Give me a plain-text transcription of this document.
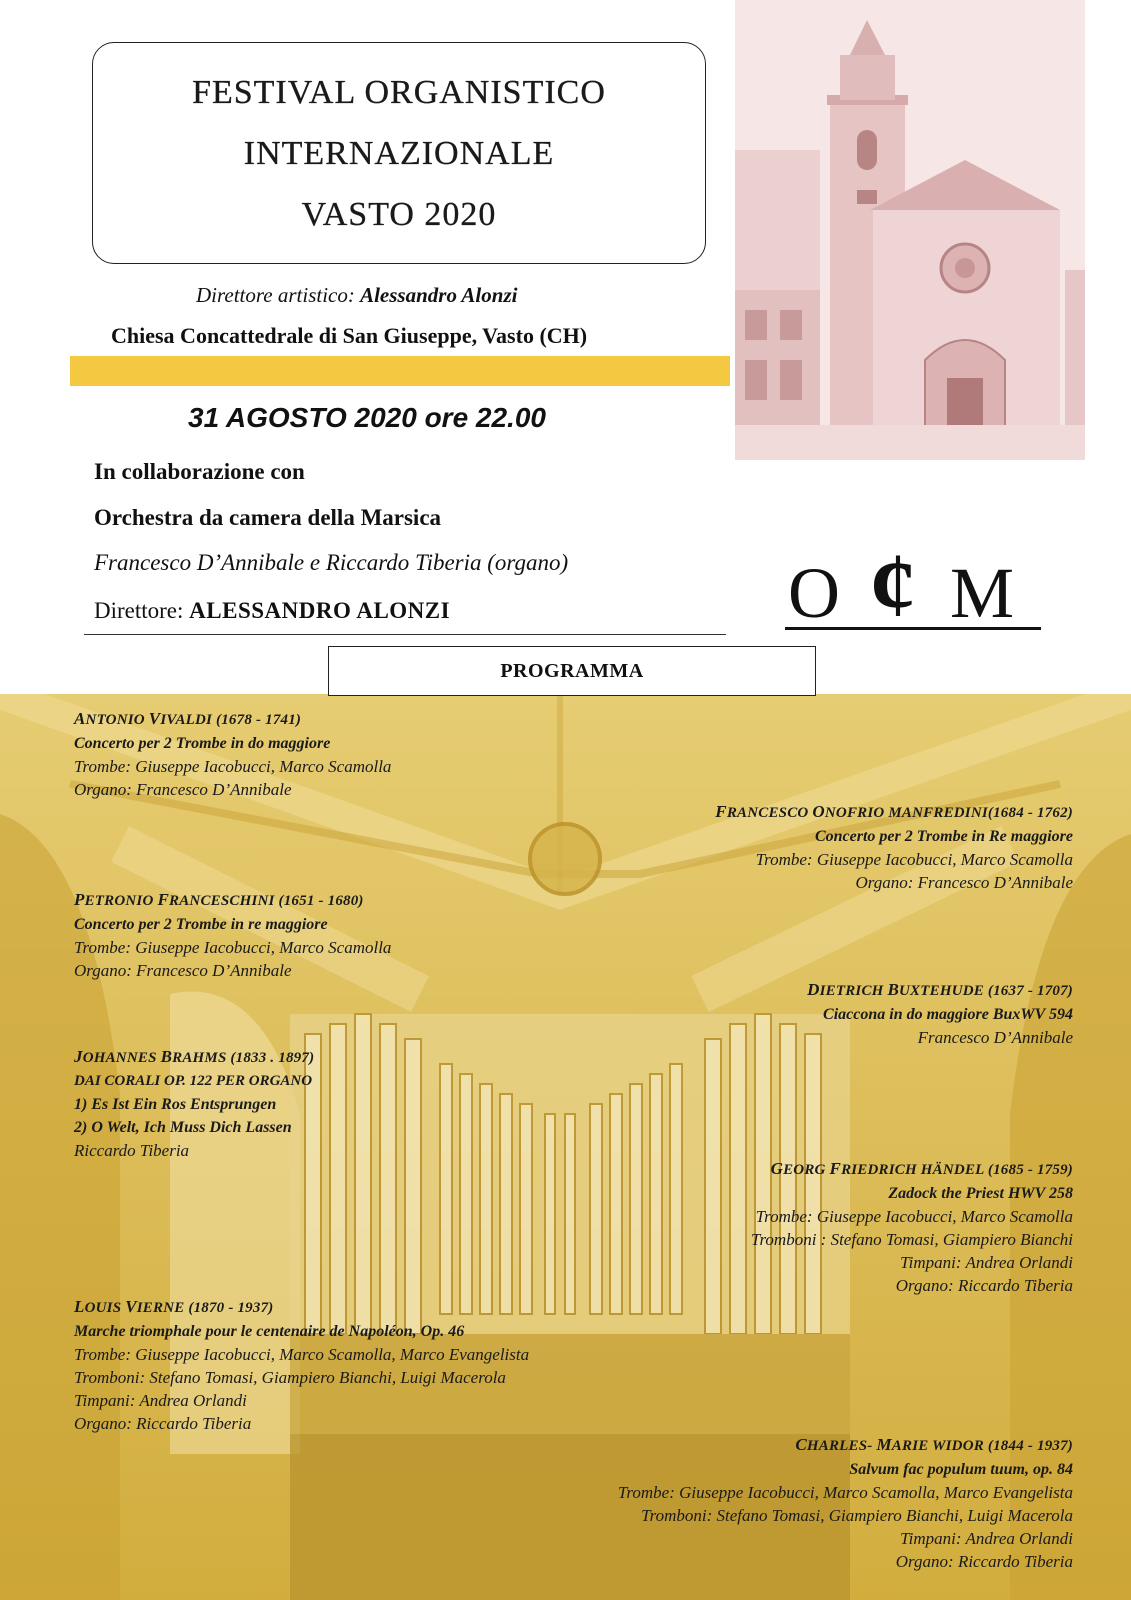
FESTIVAL ORGANISTICO
INTERNAZIONALE
VASTO 2020
Direttore artistico: Alessandro Alonzi
Chiesa Concattedrale di San Giuseppe, Vasto (CH)
31 AGOSTO 2020 ore 22.00
In collaborazione con
Orchestra da camera della Marsica
Francesco D’Annibale e Riccardo Tiberia (organo)
Direttore: ALESSANDRO ALONZI	O ¢ M
PROGRAMMA
ANTONIO VIVALDI (1678 - 1741)
Concerto per 2 Trombe in do maggiore
Trombe: Giuseppe Iacobucci, Marco Scamolla
Organo: Francesco D’Annibale
FRANCESCO ONOFRIO MANFREDINI(1684 - 1762)
Concerto per 2 Trombe in Re maggiore
Trombe: Giuseppe Iacobucci, Marco Scamolla
Organo: Francesco D’Annibale
PETRONIO FRANCESCHINI (1651 - 1680)
Concerto per 2 Trombe in re maggiore
Trombe: Giuseppe Iacobucci, Marco Scamolla
Organo: Francesco D’Annibale
DIETRICH BUXTEHUDE (1637 - 1707)
Ciaccona in do maggiore BuxWV 594
Francesco D’Annibale
JOHANNES BRAHMS (1833 . 1897)
DAI CORALI OP. 122 PER ORGANO
1) Es Ist Ein Ros Entsprungen
2) O Welt, Ich Muss Dich Lassen
Riccardo Tiberia
GEORG FRIEDRICH HÄNDEL (1685 - 1759)
Zadock the Priest HWV 258
Trombe: Giuseppe Iacobucci, Marco Scamolla
Tromboni : Stefano Tomasi, Giampiero Bianchi
Timpani: Andrea Orlandi
Organo: Riccardo Tiberia
LOUIS VIERNE (1870 - 1937)
Marche triomphale pour le centenaire de Napoléon, Op. 46
Trombe: Giuseppe Iacobucci, Marco Scamolla, Marco Evangelista
Tromboni: Stefano Tomasi, Giampiero Bianchi, Luigi Macerola
Timpani: Andrea Orlandi
Organo: Riccardo Tiberia
CHARLES- MARIE WIDOR (1844 - 1937)
Salvum fac populum tuum, op. 84
Trombe: Giuseppe Iacobucci, Marco Scamolla, Marco Evangelista
Tromboni: Stefano Tomasi, Giampiero Bianchi, Luigi Macerola
Timpani: Andrea Orlandi
Organo: Riccardo Tiberia
